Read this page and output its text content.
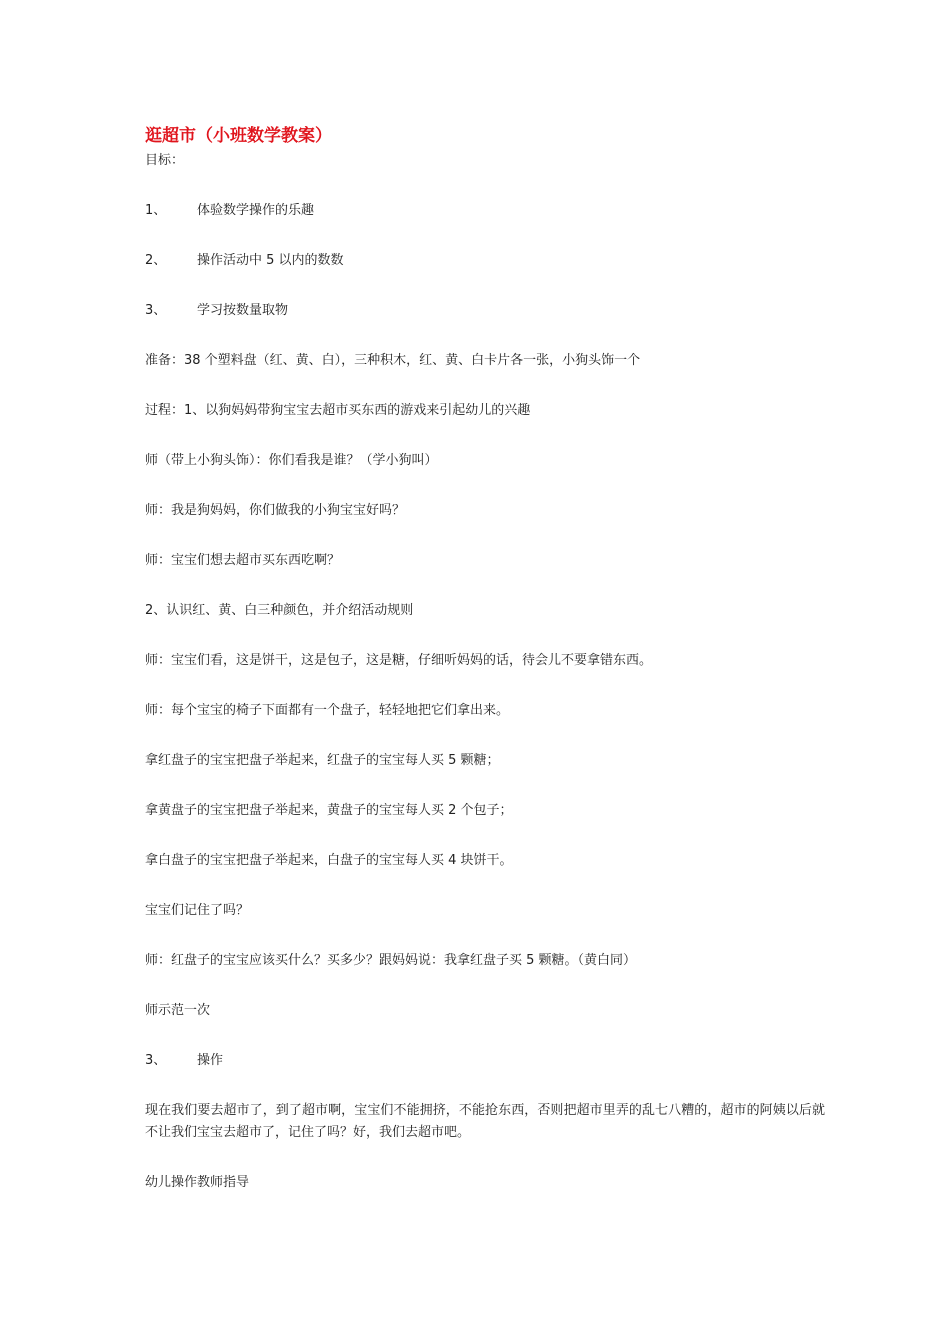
逛超市（小班数学教案）

目标：

1、	体验数学操作的乐趣
2、	操作活动中 5 以内的数数
3、	学习按数量取物

准备：38 个塑料盘（红、黄、白），三种积木，红、黄、白卡片各一张，小狗头饰一个

过程：1、以狗妈妈带狗宝宝去超市买东西的游戏来引起幼儿的兴趣

师（带上小狗头饰）：你们看我是谁？（学小狗叫）

师：我是狗妈妈，你们做我的小狗宝宝好吗？

师：宝宝们想去超市买东西吃啊？

2、认识红、黄、白三种颜色，并介绍活动规则

师：宝宝们看，这是饼干，这是包子，这是糖，仔细听妈妈的话，待会儿不要拿错东西。

师：每个宝宝的椅子下面都有一个盘子，轻轻地把它们拿出来。

拿红盘子的宝宝把盘子举起来，红盘子的宝宝每人买 5 颗糖；

拿黄盘子的宝宝把盘子举起来，黄盘子的宝宝每人买 2 个包子；

拿白盘子的宝宝把盘子举起来，白盘子的宝宝每人买 4 块饼干。

宝宝们记住了吗？

师：红盘子的宝宝应该买什么？买多少？跟妈妈说：我拿红盘子买 5 颗糖。（黄白同）

师示范一次

3、	操作

现在我们要去超市了，到了超市啊，宝宝们不能拥挤，不能抢东西，否则把超市里弄的乱七八糟的，超市的阿姨以后就不让我们宝宝去超市了，记住了吗？好，我们去超市吧。

幼儿操作教师指导
